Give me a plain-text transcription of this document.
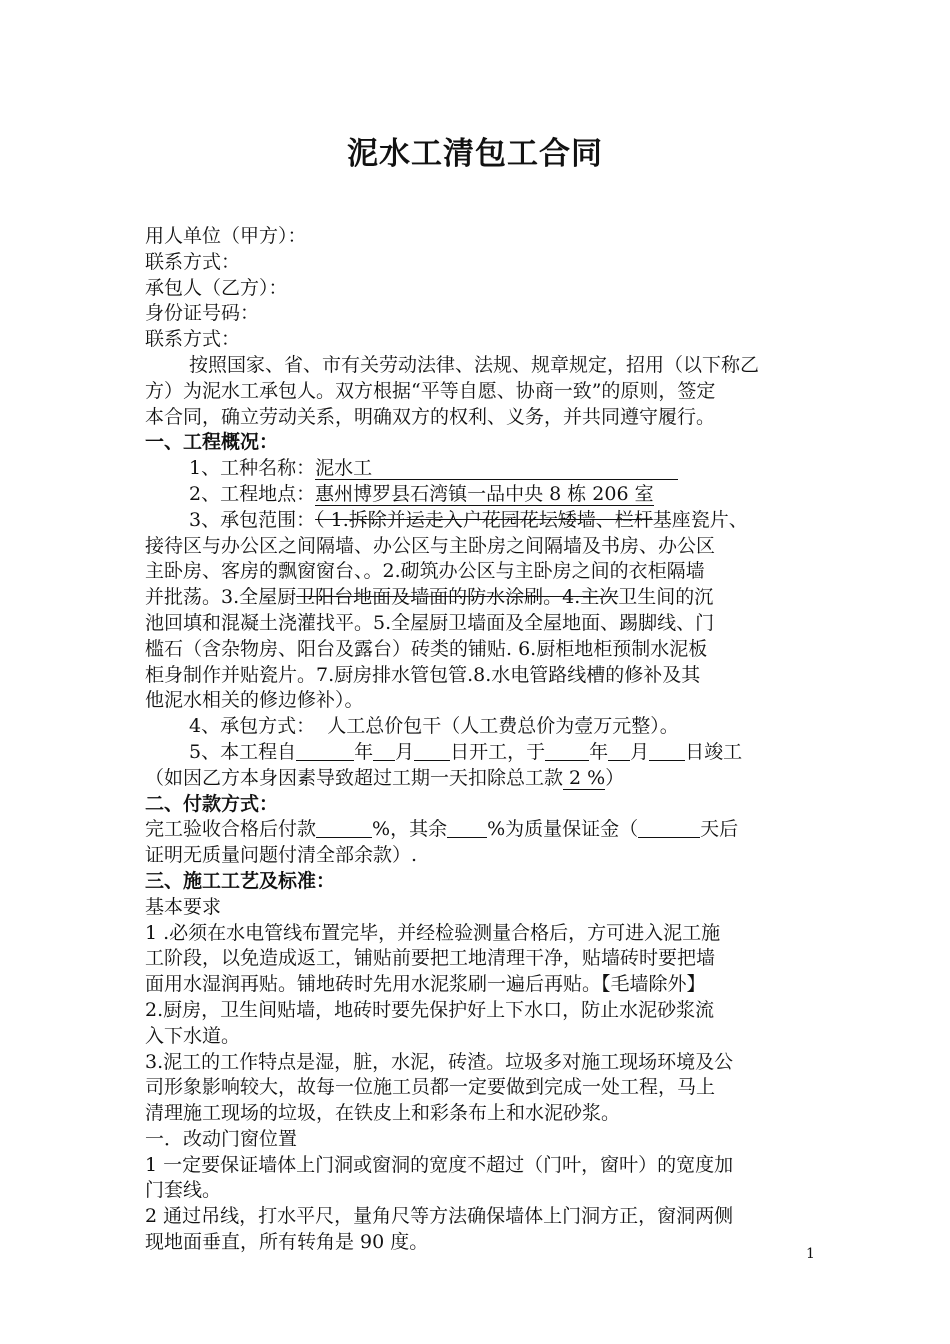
泥水工清包工合同
用人单位（甲方）：
联系方式：
承包人（乙方）：
身份证号码：
联系方式：
按照国家、省、市有关劳动法律、法规、规章规定，招用（以下称乙
方）为泥水工承包人。双方根据“平等自愿、协商一致”的原则，签定
本合同，确立劳动关系，明确双方的权利、义务，并共同遵守履行。
一、工程概况：
1、工种名称：泥水工
2、工程地点：惠州博罗县石湾镇一品中央 8 栋 206 室
3、承包范围：（ 1.拆除并运走入户花园花坛矮墙、栏杆基座瓷片、
接待区与办公区之间隔墙、办公区与主卧房之间隔墙及书房、办公区
主卧房、客房的飘窗窗台、。2.砌筑办公区与主卧房之间的衣柜隔墙
并批荡。3.全屋厨卫阳台地面及墙面的防水涂刷。4.主次卫生间的沉
池回填和混凝土浇灌找平。5.全屋厨卫墙面及全屋地面、踢脚线、门
槛石（含杂物房、阳台及露台）砖类的铺贴. 6.厨柜地柜预制水泥板
柜身制作并贴瓷片。7.厨房排水管包管.8.水电管路线槽的修补及其
他泥水相关的修边修补）。
4、承包方式： 人工总价包干（人工费总价为壹万元整）。
5、本工程自	年 月 日开工，于 年 月 日竣工
（如因乙方本身因素导致超过工期一天扣除总工款 2 %）
二、付款方式：
完工验收合格后付款	%，其余 %为质量保证金（	天后
证明无质量问题付清全部余款）.
三、施工工艺及标准：
基本要求
1 .必须在水电管线布置完毕，并经检验测量合格后，方可进入泥工施
工阶段，以免造成返工，铺贴前要把工地清理干净，贴墙砖时要把墙
面用水湿润再贴。铺地砖时先用水泥浆刷一遍后再贴。【毛墙除外】
2.厨房，卫生间贴墙，地砖时要先保护好上下水口，防止水泥砂浆流
入下水道。
3.泥工的工作特点是湿，脏，水泥，砖渣。垃圾多对施工现场环境及公
司形象影响较大，故每一位施工员都一定要做到完成一处工程，马上
清理施工现场的垃圾，在铁皮上和彩条布上和水泥砂浆。
一．改动门窗位置
1 一定要保证墙体上门洞或窗洞的宽度不超过（门叶，窗叶）的宽度加
门套线。
2 通过吊线，打水平尺，量角尺等方法确保墙体上门洞方正，窗洞两侧
现地面垂直，所有转角是 90 度。
1
